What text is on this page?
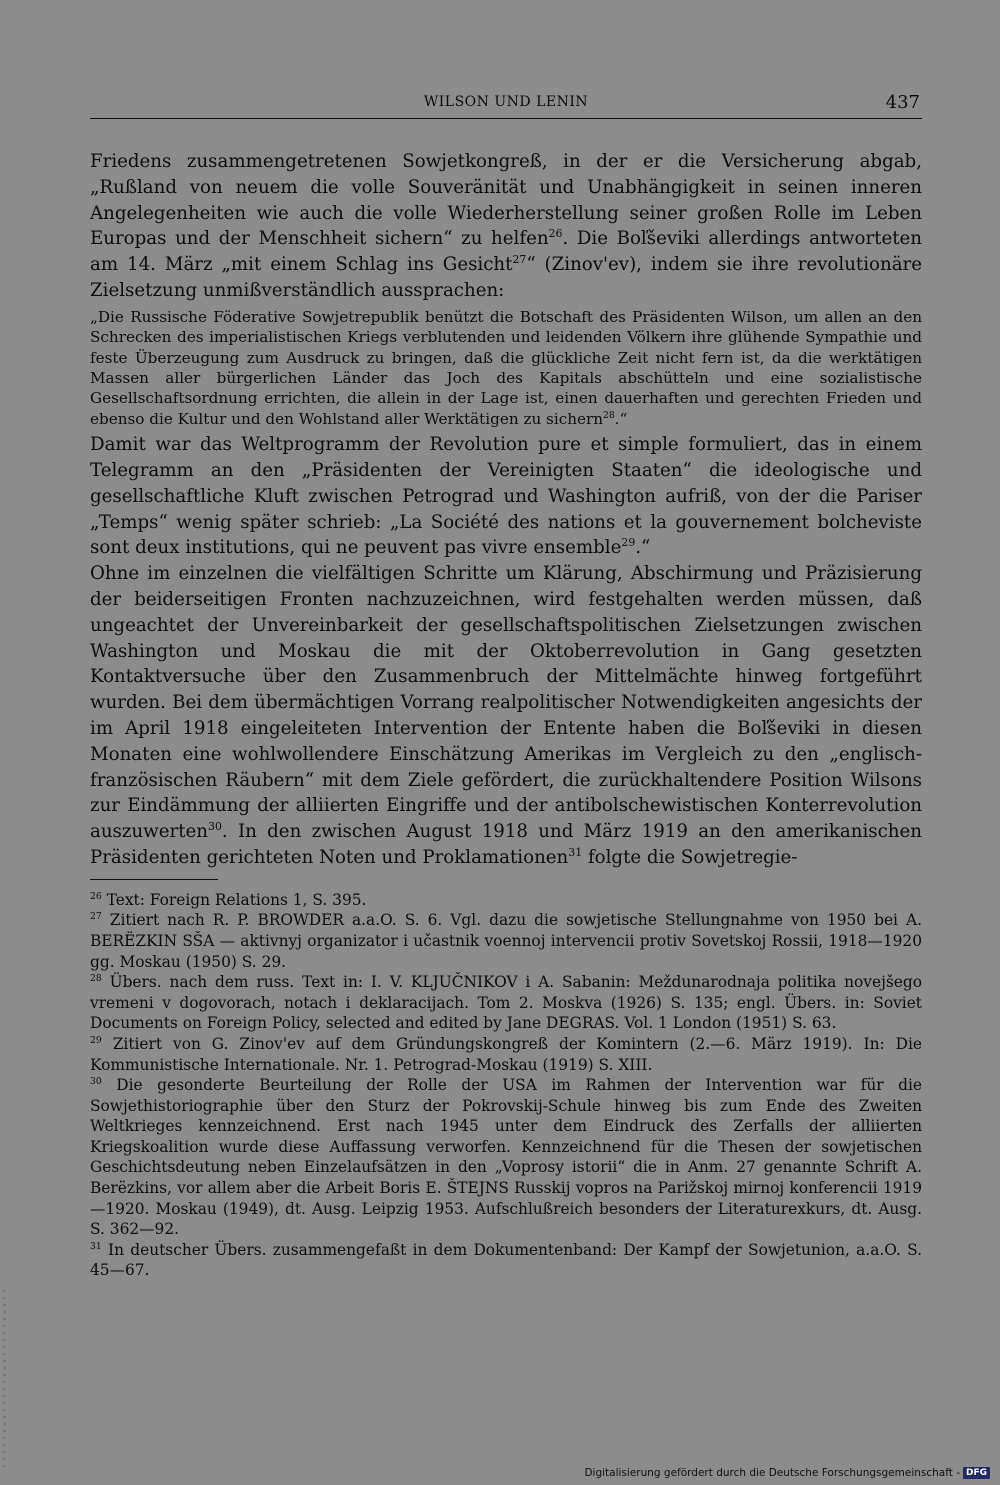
WILSON UND LENIN	437

Friedens zusammengetretenen Sowjetkongreß, in der er die Versicherung abgab, „Rußland von neuem die volle Souveränität und Unabhängigkeit in seinen inneren Angelegenheiten wie auch die volle Wiederherstellung seiner großen Rolle im Leben Europas und der Menschheit sichern“ zu helfen$^{26}$. Die Boľševiki allerdings antworteten am 14. März „mit einem Schlag ins Gesicht$^{27}$“ (Zinov'ev), indem sie ihre revolutionäre Zielsetzung unmißverständlich aussprachen:

„Die Russische Föderative Sowjetrepublik benützt die Botschaft des Präsidenten Wilson, um allen an den Schrecken des imperialistischen Kriegs verblutenden und leidenden Völkern ihre glühende Sympathie und feste Überzeugung zum Ausdruck zu bringen, daß die glückliche Zeit nicht fern ist, da die werktätigen Massen aller bürgerlichen Länder das Joch des Kapitals abschütteln und eine sozialistische Gesellschaftsordnung errichten, die allein in der Lage ist, einen dauerhaften und gerechten Frieden und ebenso die Kultur und den Wohlstand aller Werktätigen zu sichern$^{28}$.“

Damit war das Weltprogramm der Revolution pure et simple formuliert, das in einem Telegramm an den „Präsidenten der Vereinigten Staaten“ die ideologische und gesellschaftliche Kluft zwischen Petrograd und Washington aufriß, von der die Pariser „Temps“ wenig später schrieb: „La Société des nations et la gouvernement bolcheviste sont deux institutions, qui ne peuvent pas vivre ensemble$^{29}$.“

Ohne im einzelnen die vielfältigen Schritte um Klärung, Abschirmung und Präzisierung der beiderseitigen Fronten nachzuzeichnen, wird festgehalten werden müssen, daß ungeachtet der Unvereinbarkeit der gesellschaftspolitischen Zielsetzungen zwischen Washington und Moskau die mit der Oktoberrevolution in Gang gesetzten Kontaktversuche über den Zusammenbruch der Mittelmächte hinweg fortgeführt wurden. Bei dem übermächtigen Vorrang realpolitischer Notwendigkeiten angesichts der im April 1918 eingeleiteten Intervention der Entente haben die Boľševiki in diesen Monaten eine wohlwollendere Einschätzung Amerikas im Vergleich zu den „englisch-französischen Räubern“ mit dem Ziele gefördert, die zurückhaltendere Position Wilsons zur Eindämmung der alliierten Eingriffe und der antibolschewistischen Konterrevolution auszuwerten$^{30}$. In den zwischen August 1918 und März 1919 an den amerikanischen Präsidenten gerichteten Noten und Proklamationen$^{31}$ folgte die Sowjetregie-

$^{26}$ Text: Foreign Relations 1, S. 395.

$^{27}$ Zitiert nach R. P. BROWDER a.a.O. S. 6. Vgl. dazu die sowjetische Stellungnahme von 1950 bei A. BERËZKIN SŠA — aktivnyj organizator i učastnik voennoj intervencii protiv Sovetskoj Rossii, 1918—1920 gg. Moskau (1950) S. 29.

$^{28}$ Übers. nach dem russ. Text in: I. V. KLJUČNIKOV i A. Sabanin: Meždunarodnaja politika novejšego vremeni v dogovorach, notach i deklaracijach. Tom 2. Moskva (1926) S. 135; engl. Übers. in: Soviet Documents on Foreign Policy, selected and edited by Jane DEGRAS. Vol. 1 London (1951) S. 63.

$^{29}$ Zitiert von G. Zinov'ev auf dem Gründungskongreß der Komintern (2.—6. März 1919). In: Die Kommunistische Internationale. Nr. 1. Petrograd-Moskau (1919) S. XIII.

$^{30}$ Die gesonderte Beurteilung der Rolle der USA im Rahmen der Intervention war für die Sowjethistoriographie über den Sturz der Pokrovskij-Schule hinweg bis zum Ende des Zweiten Weltkrieges kennzeichnend. Erst nach 1945 unter dem Eindruck des Zerfalls der alliierten Kriegskoalition wurde diese Auffassung verworfen. Kennzeichnend für die Thesen der sowjetischen Geschichtsdeutung neben Einzelaufsätzen in den „Voprosy istorii“ die in Anm. 27 genannte Schrift A. Berëzkins, vor allem aber die Arbeit Boris E. ŠTEJNS Russkij vopros na Parižskoj mirnoj konferencii 1919—1920. Moskau (1949), dt. Ausg. Leipzig 1953. Aufschlußreich besonders der Literaturexkurs, dt. Ausg. S. 362—92.

$^{31}$ In deutscher Übers. zusammengefaßt in dem Dokumentenband: Der Kampf der Sowjetunion, a.a.O. S. 45—67.

Digitalisierung gefördert durch die Deutsche Forschungsgemeinschaft - DFG
